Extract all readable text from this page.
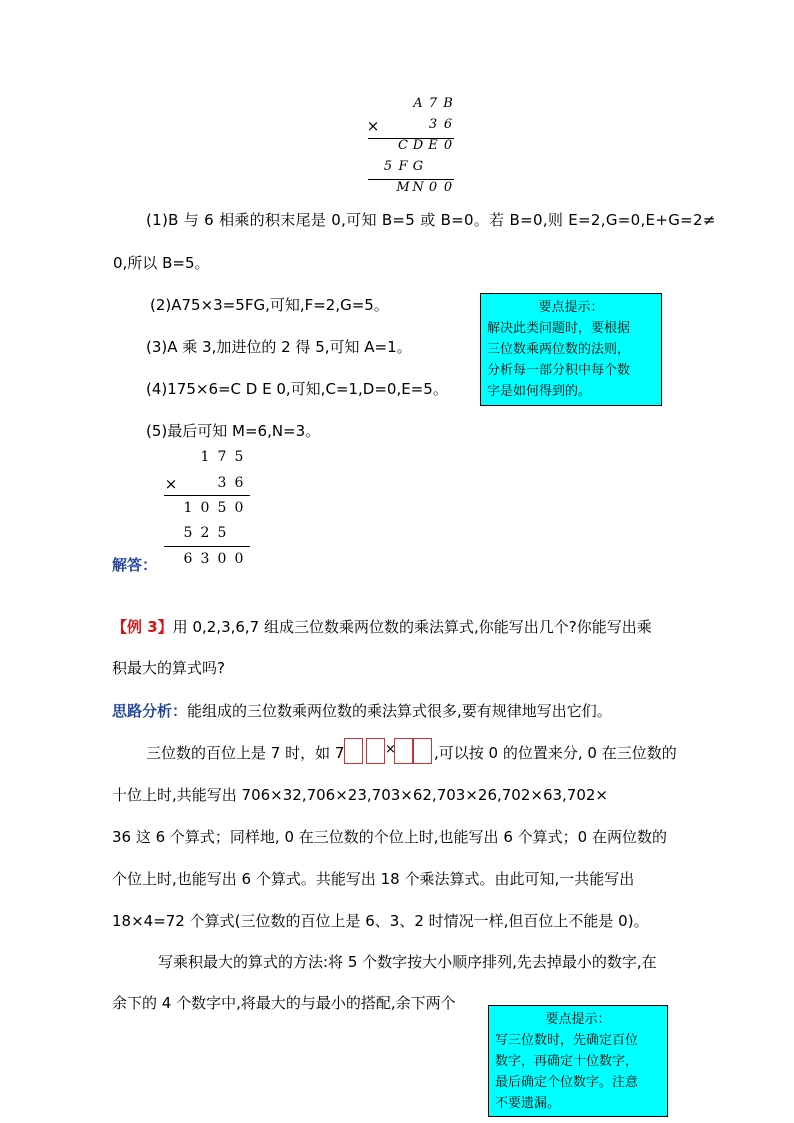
A 7 B
×	3 6
C D E 0
5 F G
M N 0 0
(1)B 与 6 相乘的积末尾是 0,可知 B=5 或 B=0。若 B=0,则 E=2,G=0,E+G=2≠
0,所以 B=5。
(2)A75×3=5FG,可知,F=2,G=5。
(3)A 乘 3,加进位的 2 得 5,可知 A=1。
(4)175×6=C D E 0,可知,C=1,D=0,E=5。
(5)最后可知 M=6,N=3。
要点提示：
解决此类问题时，要根据
三位数乘两位数的法则，
分析每一部分积中每个数
字是如何得到的。
1 7 5
×	3 6
1 0 5 0
5 2 5
6 3 0 0
解答：
【例 3】用 0,2,3,6,7 组成三位数乘两位数的乘法算式,你能写出几个?你能写出乘
积最大的算式吗?
思路分析：能组成的三位数乘两位数的乘法算式很多,要有规律地写出它们。
三位数的百位上是 7 时，如 7	×	,可以按 0 的位置来分, 0 在三位数的
十位上时,共能写出 706×32,706×23,703×62,703×26,702×63,702×
36 这 6 个算式；同样地, 0 在三位数的个位上时,也能写出 6 个算式；0 在两位数的
个位上时,也能写出 6 个算式。共能写出 18 个乘法算式。由此可知,一共能写出
18×4=72 个算式(三位数的百位上是 6、3、2 时情况一样,但百位上不能是 0)。
写乘积最大的算式的方法:将 5 个数字按大小顺序排列,先去掉最小的数字,在
余下的 4 个数字中,将最大的与最小的搭配,余下两个
要点提示：
写三位数时，先确定百位
数字，再确定十位数字，
最后确定个位数字。注意
不要遗漏。
